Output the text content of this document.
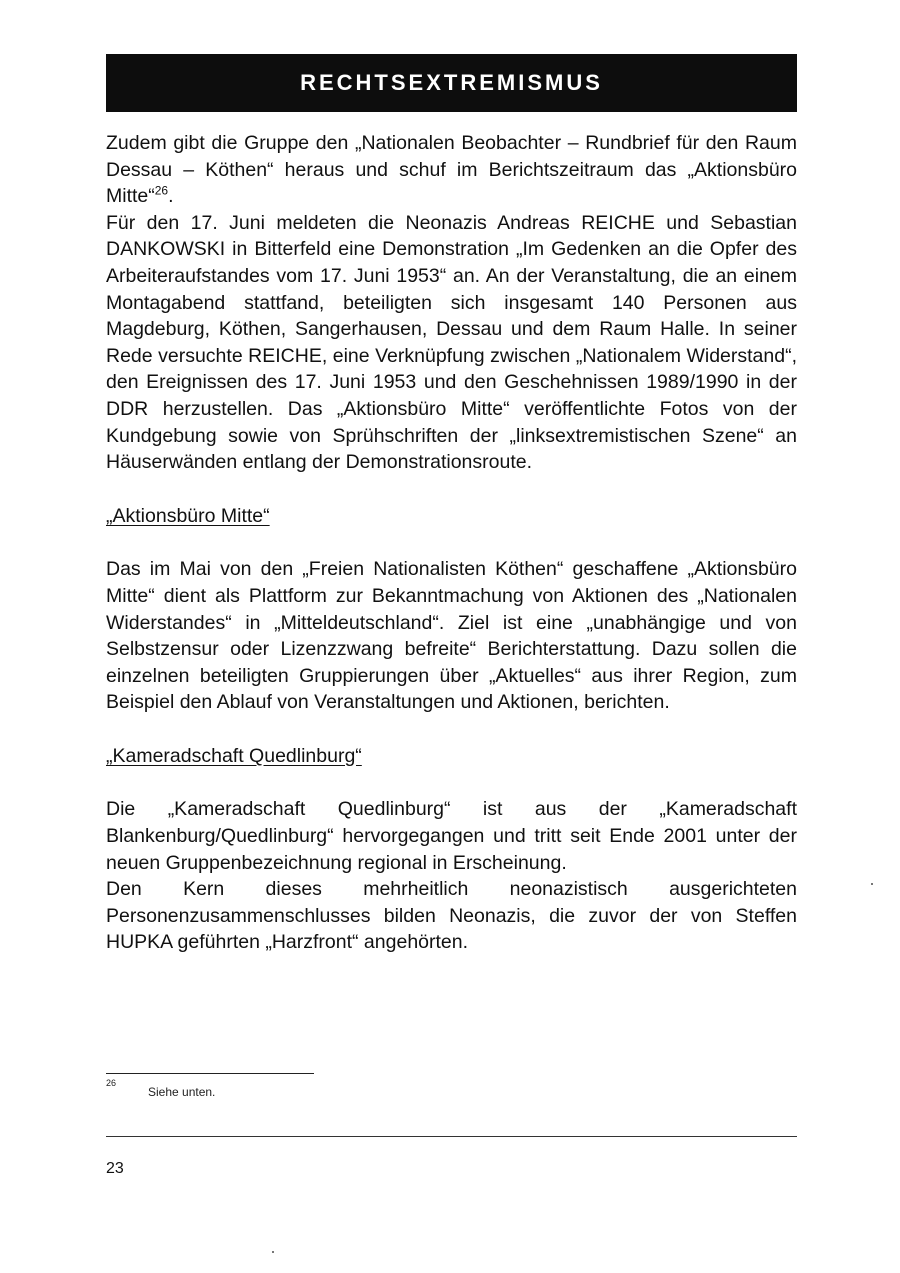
RECHTSEXTREMISMUS

Zudem gibt die Gruppe den „Nationalen Beobachter – Rundbrief für den Raum Dessau – Köthen“ heraus und schuf im Berichtszeitraum das „Aktionsbüro Mitte“$^{26}$.

Für den 17. Juni meldeten die Neonazis Andreas REICHE und Sebastian DANKOWSKI in Bitterfeld eine Demonstration „Im Gedenken an die Opfer des Arbeiteraufstandes vom 17. Juni 1953“ an. An der Veranstaltung, die an einem Montagabend stattfand, beteiligten sich insgesamt 140 Personen aus Magdeburg, Köthen, Sangerhausen, Dessau und dem Raum Halle. In seiner Rede versuchte REICHE, eine Verknüpfung zwischen „Nationalem Widerstand“, den Ereignissen des 17. Juni 1953 und den Geschehnissen 1989/1990 in der DDR herzustellen. Das „Aktionsbüro Mitte“ veröffentlichte Fotos von der Kundgebung sowie von Sprühschriften der „linksextremistischen Szene“ an Häuserwänden entlang der Demonstrationsroute.

„Aktionsbüro Mitte“

Das im Mai von den „Freien Nationalisten Köthen“ geschaffene „Aktionsbüro Mitte“ dient als Plattform zur Bekanntmachung von Aktionen des „Nationalen Widerstandes“ in „Mitteldeutschland“. Ziel ist eine „unabhängige und von Selbstzensur oder Lizenzzwang befreite“ Berichterstattung. Dazu sollen die einzelnen beteiligten Gruppierungen über „Aktuelles“ aus ihrer Region, zum Beispiel den Ablauf von Veranstaltungen und Aktionen, berichten.

„Kameradschaft Quedlinburg“

Die „Kameradschaft Quedlinburg“ ist aus der „Kameradschaft Blankenburg/Quedlinburg“ hervorgegangen und tritt seit Ende 2001 unter der neuen Gruppenbezeichnung regional in Erscheinung.

Den Kern dieses mehrheitlich neonazistisch ausgerichteten Personenzusammenschlusses bilden Neonazis, die zuvor der von Steffen HUPKA geführten „Harzfront“ angehörten.

26
Siehe unten.
23
